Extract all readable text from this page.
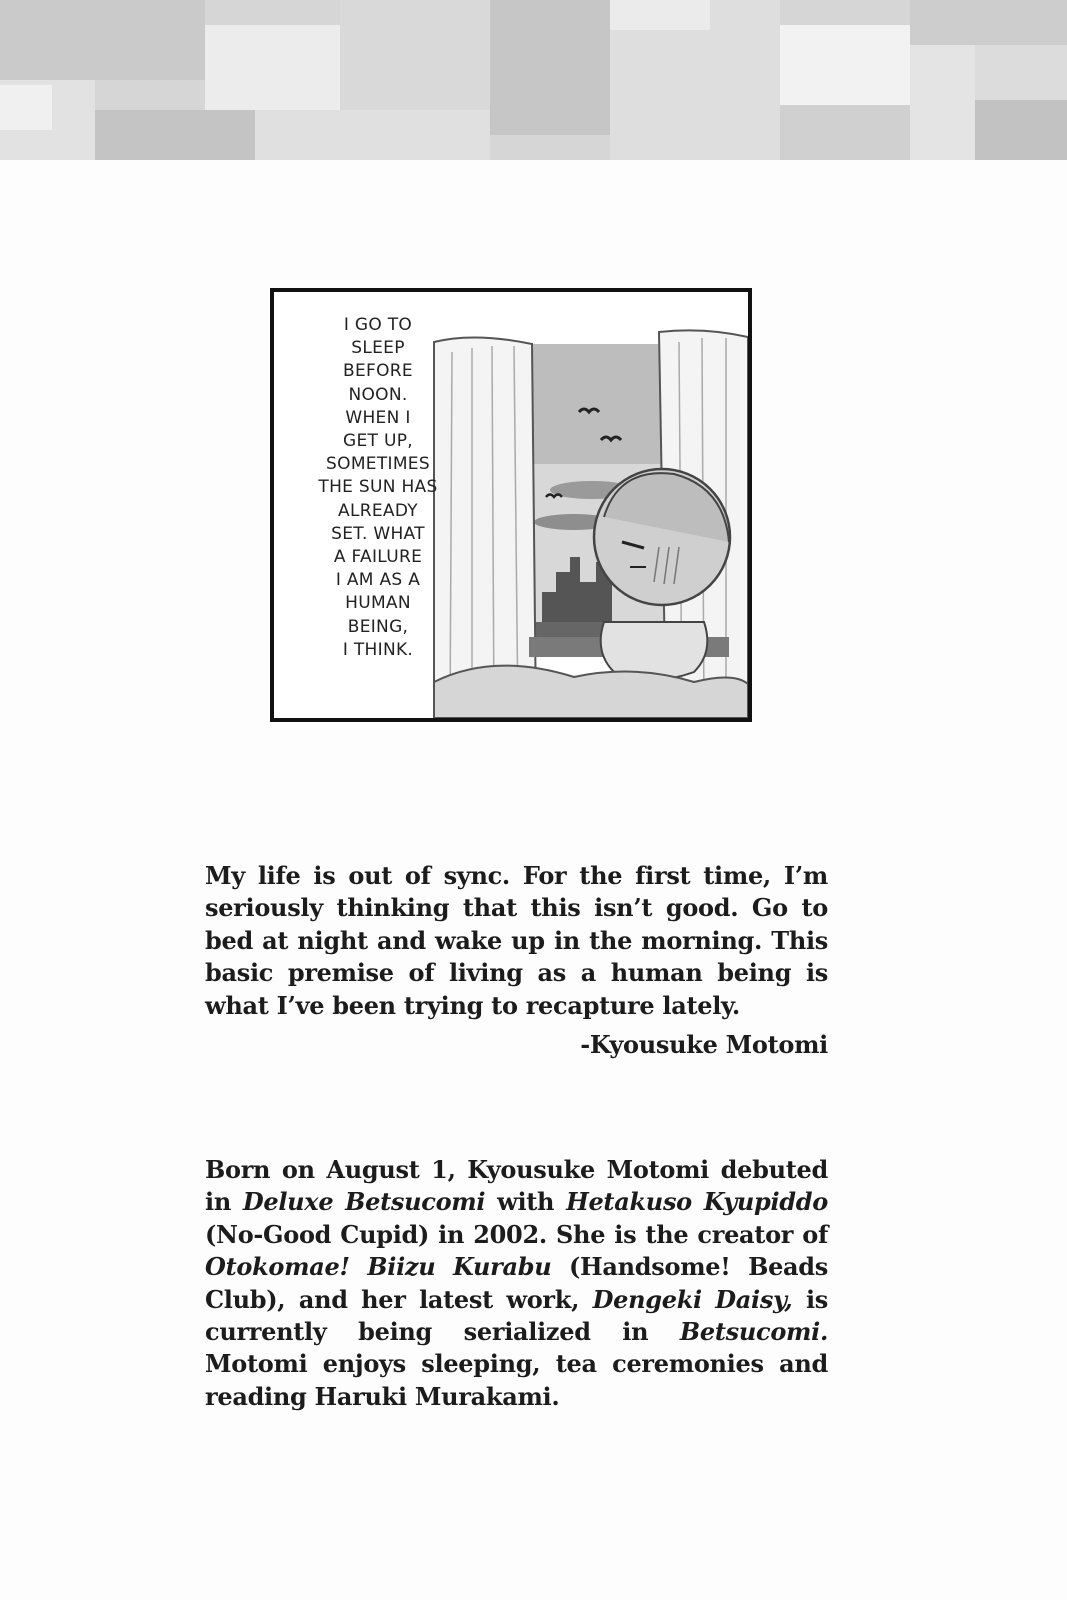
I GO TO
SLEEP
BEFORE
NOON.
WHEN I
GET UP,
SOMETIMES
THE SUN HAS
ALREADY
SET. WHAT
A FAILURE
I AM AS A
HUMAN
BEING,
I THINK.

My life is out of sync. For the first time, I’m seriously thinking that this isn’t good. Go to bed at night and wake up in the morning. This basic premise of living as a human being is what I’ve been trying to recapture lately.

-Kyousuke Motomi

Born on August 1, Kyousuke Motomi debuted in Deluxe Betsucomi with Hetakuso Kyupiddo (No-Good Cupid) in 2002. She is the creator of Otokomae! Biizu Kurabu (Handsome! Beads Club), and her latest work, Dengeki Daisy, is currently being serialized in Betsucomi. Motomi enjoys sleeping, tea ceremonies and reading Haruki Murakami.
